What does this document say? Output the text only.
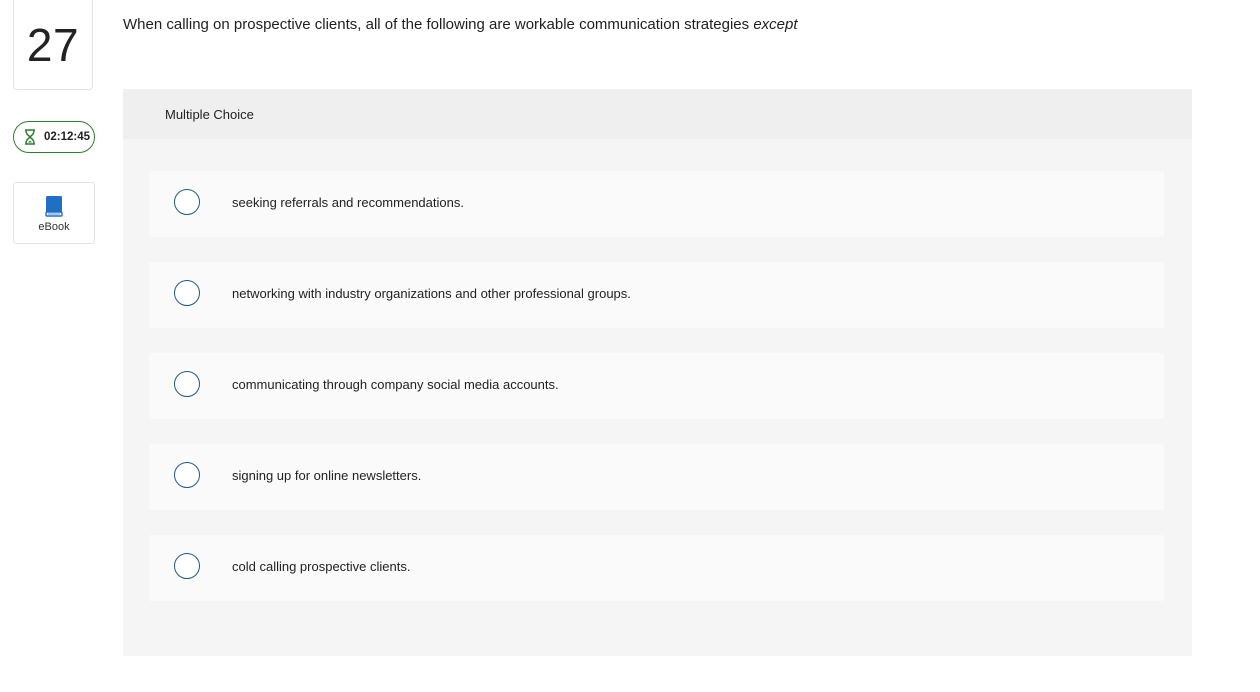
27
02:12:45
eBook
When calling on prospective clients, all of the following are workable communication strategies except
Multiple Choice
seeking referrals and recommendations.
networking with industry organizations and other professional groups.
communicating through company social media accounts.
signing up for online newsletters.
cold calling prospective clients.
